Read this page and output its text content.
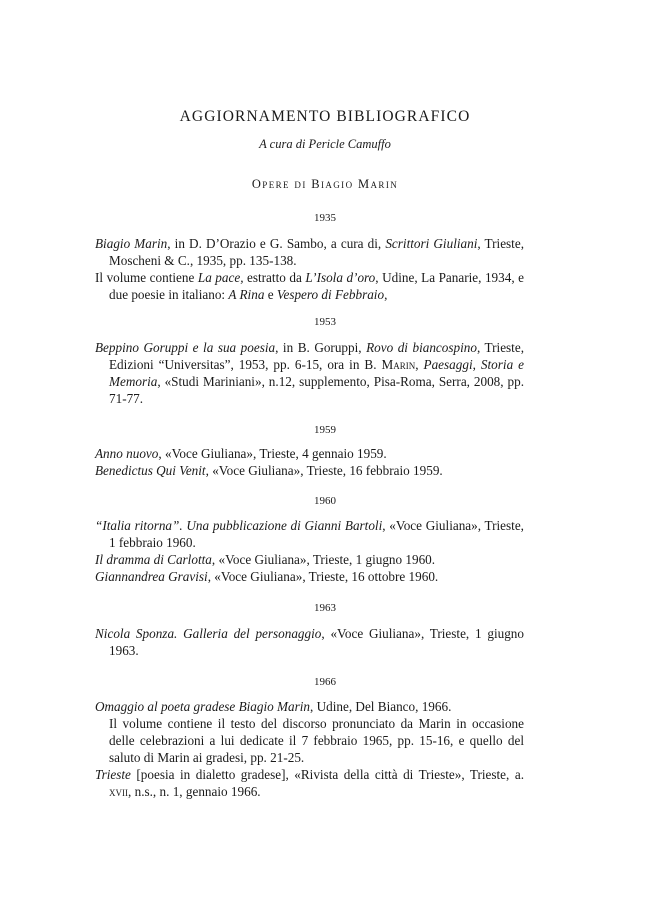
AGGIORNAMENTO BIBLIOGRAFICO
A cura di Pericle Camuffo
Opere di Biagio Marin
1935
Biagio Marin, in D. D’Orazio e G. Sambo, a cura di, Scrittori Giuliani, Trieste, Moscheni & C., 1935, pp. 135-138.
Il volume contiene La pace, estratto da L’Isola d’oro, Udine, La Panarie, 1934, e due poesie in italiano: A Rina e Vespero di Febbraio,
1953
Beppino Goruppi e la sua poesia, in B. Goruppi, Rovo di biancospino, Trieste, Edizioni “Universitas”, 1953, pp. 6-15, ora in B. Marin, Paesaggi, Storia e Memoria, «Studi Mariniani», n.12, supplemento, Pisa-Roma, Serra, 2008, pp. 71-77.
1959
Anno nuovo, «Voce Giuliana», Trieste, 4 gennaio 1959.
Benedictus Qui Venit, «Voce Giuliana», Trieste, 16 febbraio 1959.
1960
“Italia ritorna”. Una pubblicazione di Gianni Bartoli, «Voce Giuliana», Trieste, 1 febbraio 1960.
Il dramma di Carlotta, «Voce Giuliana», Trieste, 1 giugno 1960.
Giannandrea Gravisi, «Voce Giuliana», Trieste, 16 ottobre 1960.
1963
Nicola Sponza. Galleria del personaggio, «Voce Giuliana», Trieste, 1 giugno 1963.
1966
Omaggio al poeta gradese Biagio Marin, Udine, Del Bianco, 1966.
Il volume contiene il testo del discorso pronunciato da Marin in occasione delle celebrazioni a lui dedicate il 7 febbraio 1965, pp. 15-16, e quello del saluto di Marin ai gradesi, pp. 21-25.
Trieste [poesia in dialetto gradese], «Rivista della città di Trieste», Trieste, a. xvii, n.s., n. 1, gennaio 1966.
